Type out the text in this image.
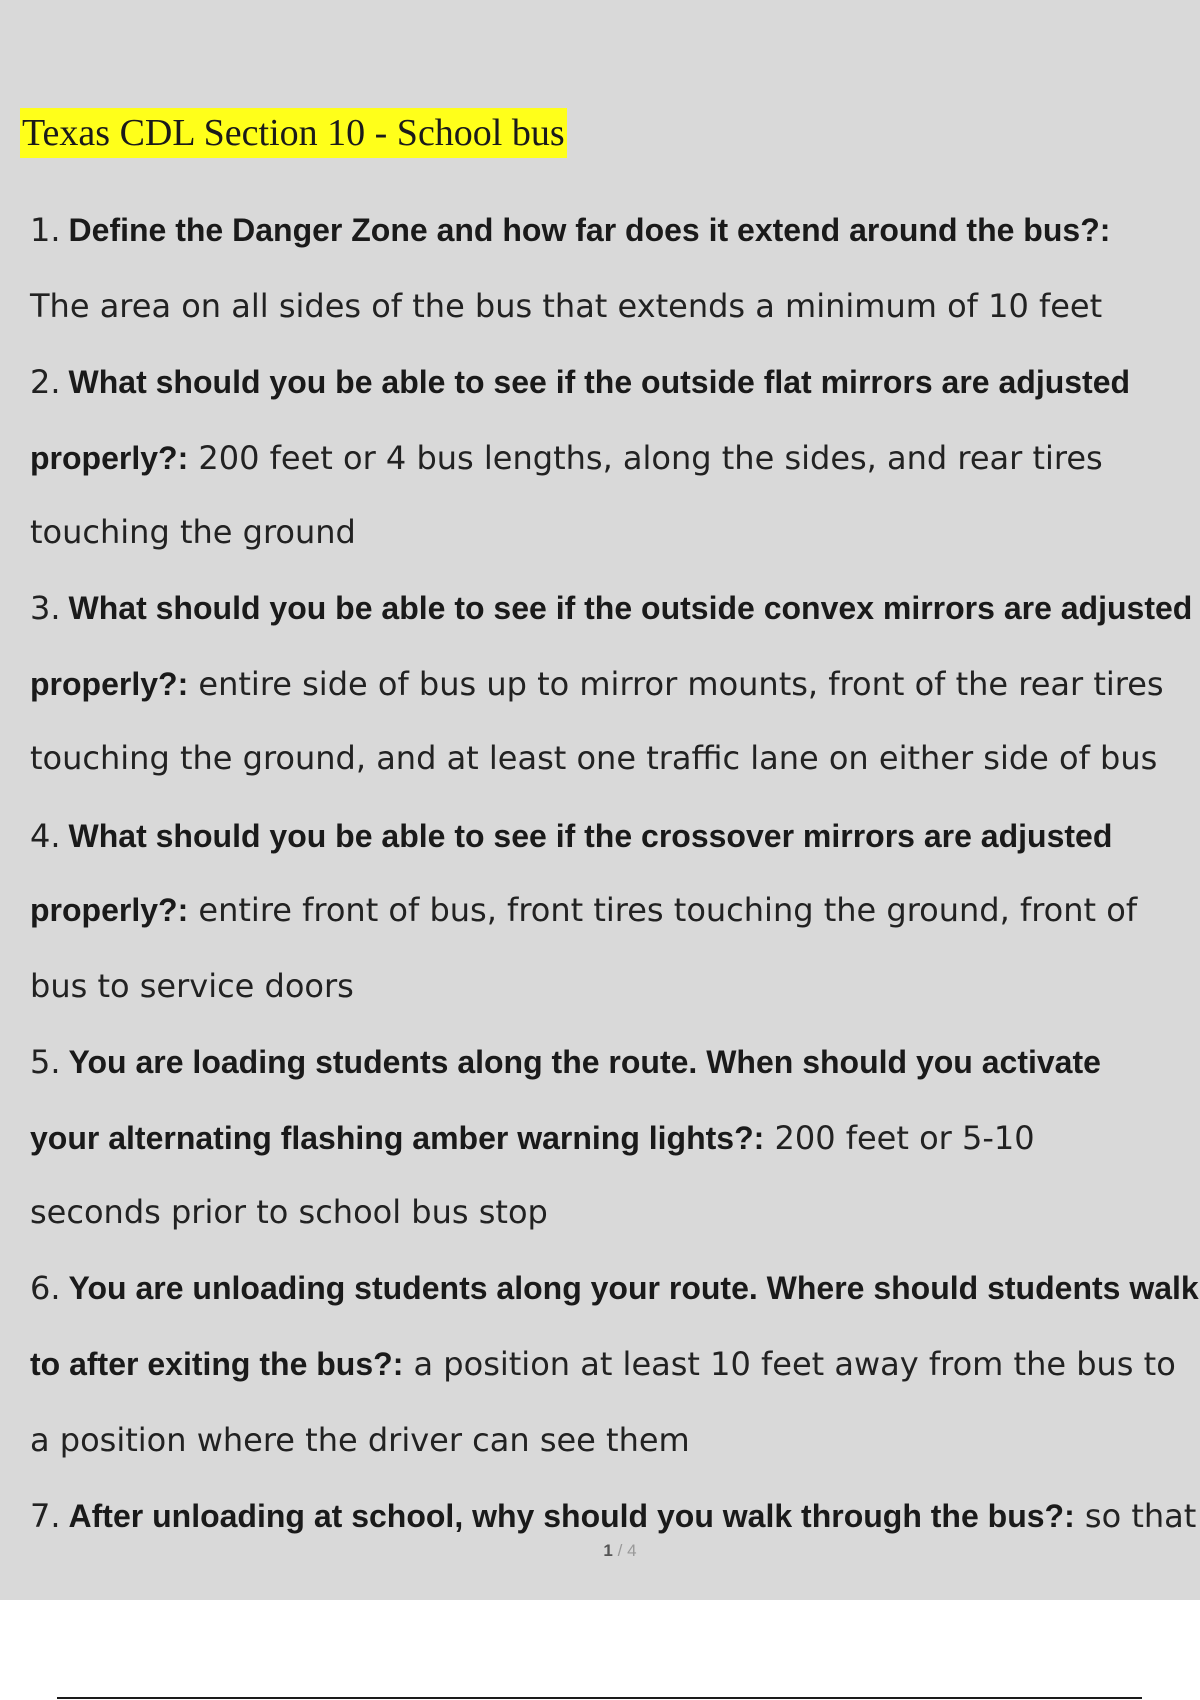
Texas CDL Section 10 - School bus
1. Define the Danger Zone and how far does it extend around the bus?:
The area on all sides of the bus that extends a minimum of 10 feet
2. What should you be able to see if the outside flat mirrors are adjusted
properly?: 200 feet or 4 bus lengths, along the sides, and rear tires
touching the ground
3. What should you be able to see if the outside convex mirrors are adjusted
properly?: entire side of bus up to mirror mounts, front of the rear tires
touching the ground, and at least one traffic lane on either side of bus
4. What should you be able to see if the crossover mirrors are adjusted
properly?: entire front of bus, front tires touching the ground, front of
bus to service doors
5. You are loading students along the route. When should you activate
your alternating flashing amber warning lights?: 200 feet or 5-10
seconds prior to school bus stop
6. You are unloading students along your route. Where should students walk
to after exiting the bus?: a position at least 10 feet away from the bus to
a position where the driver can see them
7. After unloading at school, why should you walk through the bus?: so that
1 / 4
